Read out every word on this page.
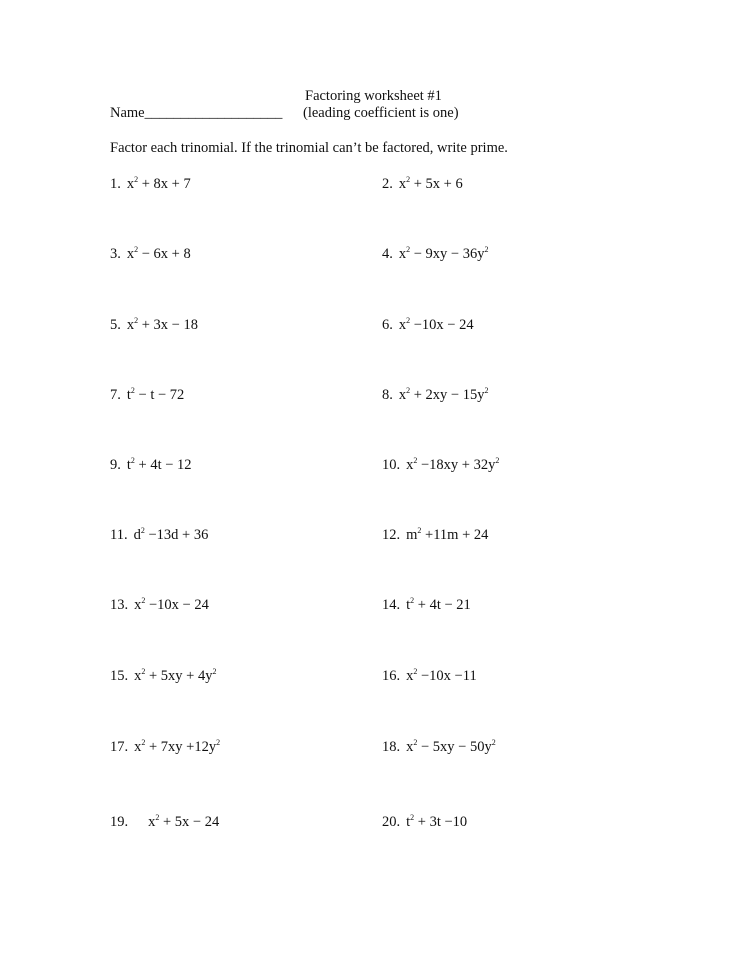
Factoring worksheet #1
Name___________________ (leading coefficient is one)
Factor each trinomial. If the trinomial can’t be factored, write prime.
1. $x^2 + 8x + 7$	2. $x^2 + 5x + 6$
3. $x^2 - 6x + 8$	4. $x^2 - 9xy - 36y^2$
5. $x^2 + 3x - 18$	6. $x^2 -10x - 24$
7. $t^2 - t - 72$	8. $x^2 + 2xy - 15y^2$
9. $t^2 + 4t - 12$	10. $x^2 -18xy + 32y^2$
11. $d^2 -13d + 36$	12. $m^2 +11m + 24$
13. $x^2 -10x - 24$	14. $t^2 + 4t - 21$
15. $x^2 + 5xy + 4y^2$	16. $x^2 -10x -11$
17. $x^2 + 7xy +12y^2$	18. $x^2 - 5xy - 50y^2$
19. $x^2 + 5x - 24$	20. $t^2 + 3t -10$
